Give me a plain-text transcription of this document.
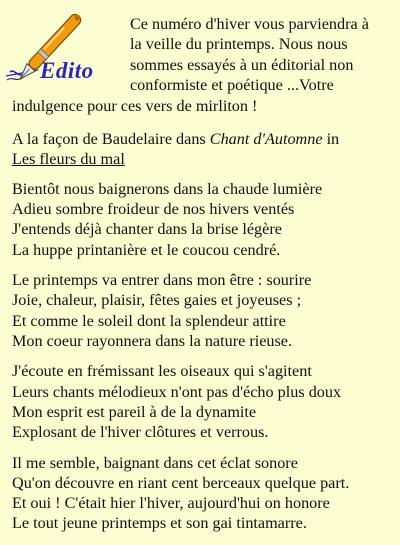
Edito
Ce numéro d'hiver vous parviendra à
la veille du printemps. Nous nous
sommes essayés à un éditorial non
conformiste et poétique ...Votre
indulgence pour ces vers de mirliton !
A la façon de Baudelaire dans Chant d'Automne in
Les fleurs du mal
Bientôt nous baignerons dans la chaude lumière
Adieu sombre froideur de nos hivers ventés
J'entends déjà chanter dans la brise légère
La huppe printanière et le coucou cendré.
Le printemps va entrer dans mon être : sourire
Joie, chaleur, plaisir, fêtes gaies et joyeuses ;
Et comme le soleil dont la splendeur attire
Mon coeur rayonnera dans la nature rieuse.
J'écoute en frémissant les oiseaux qui s'agitent
Leurs chants mélodieux n'ont pas d'écho plus doux
Mon esprit est pareil à de la dynamite
Explosant de l'hiver clôtures et verrous.
Il me semble, baignant dans cet éclat sonore
Qu'on découvre en riant cent berceaux quelque part.
Et oui ! C'était hier l'hiver, aujourd'hui on honore
Le tout jeune printemps et son gai tintamarre.
